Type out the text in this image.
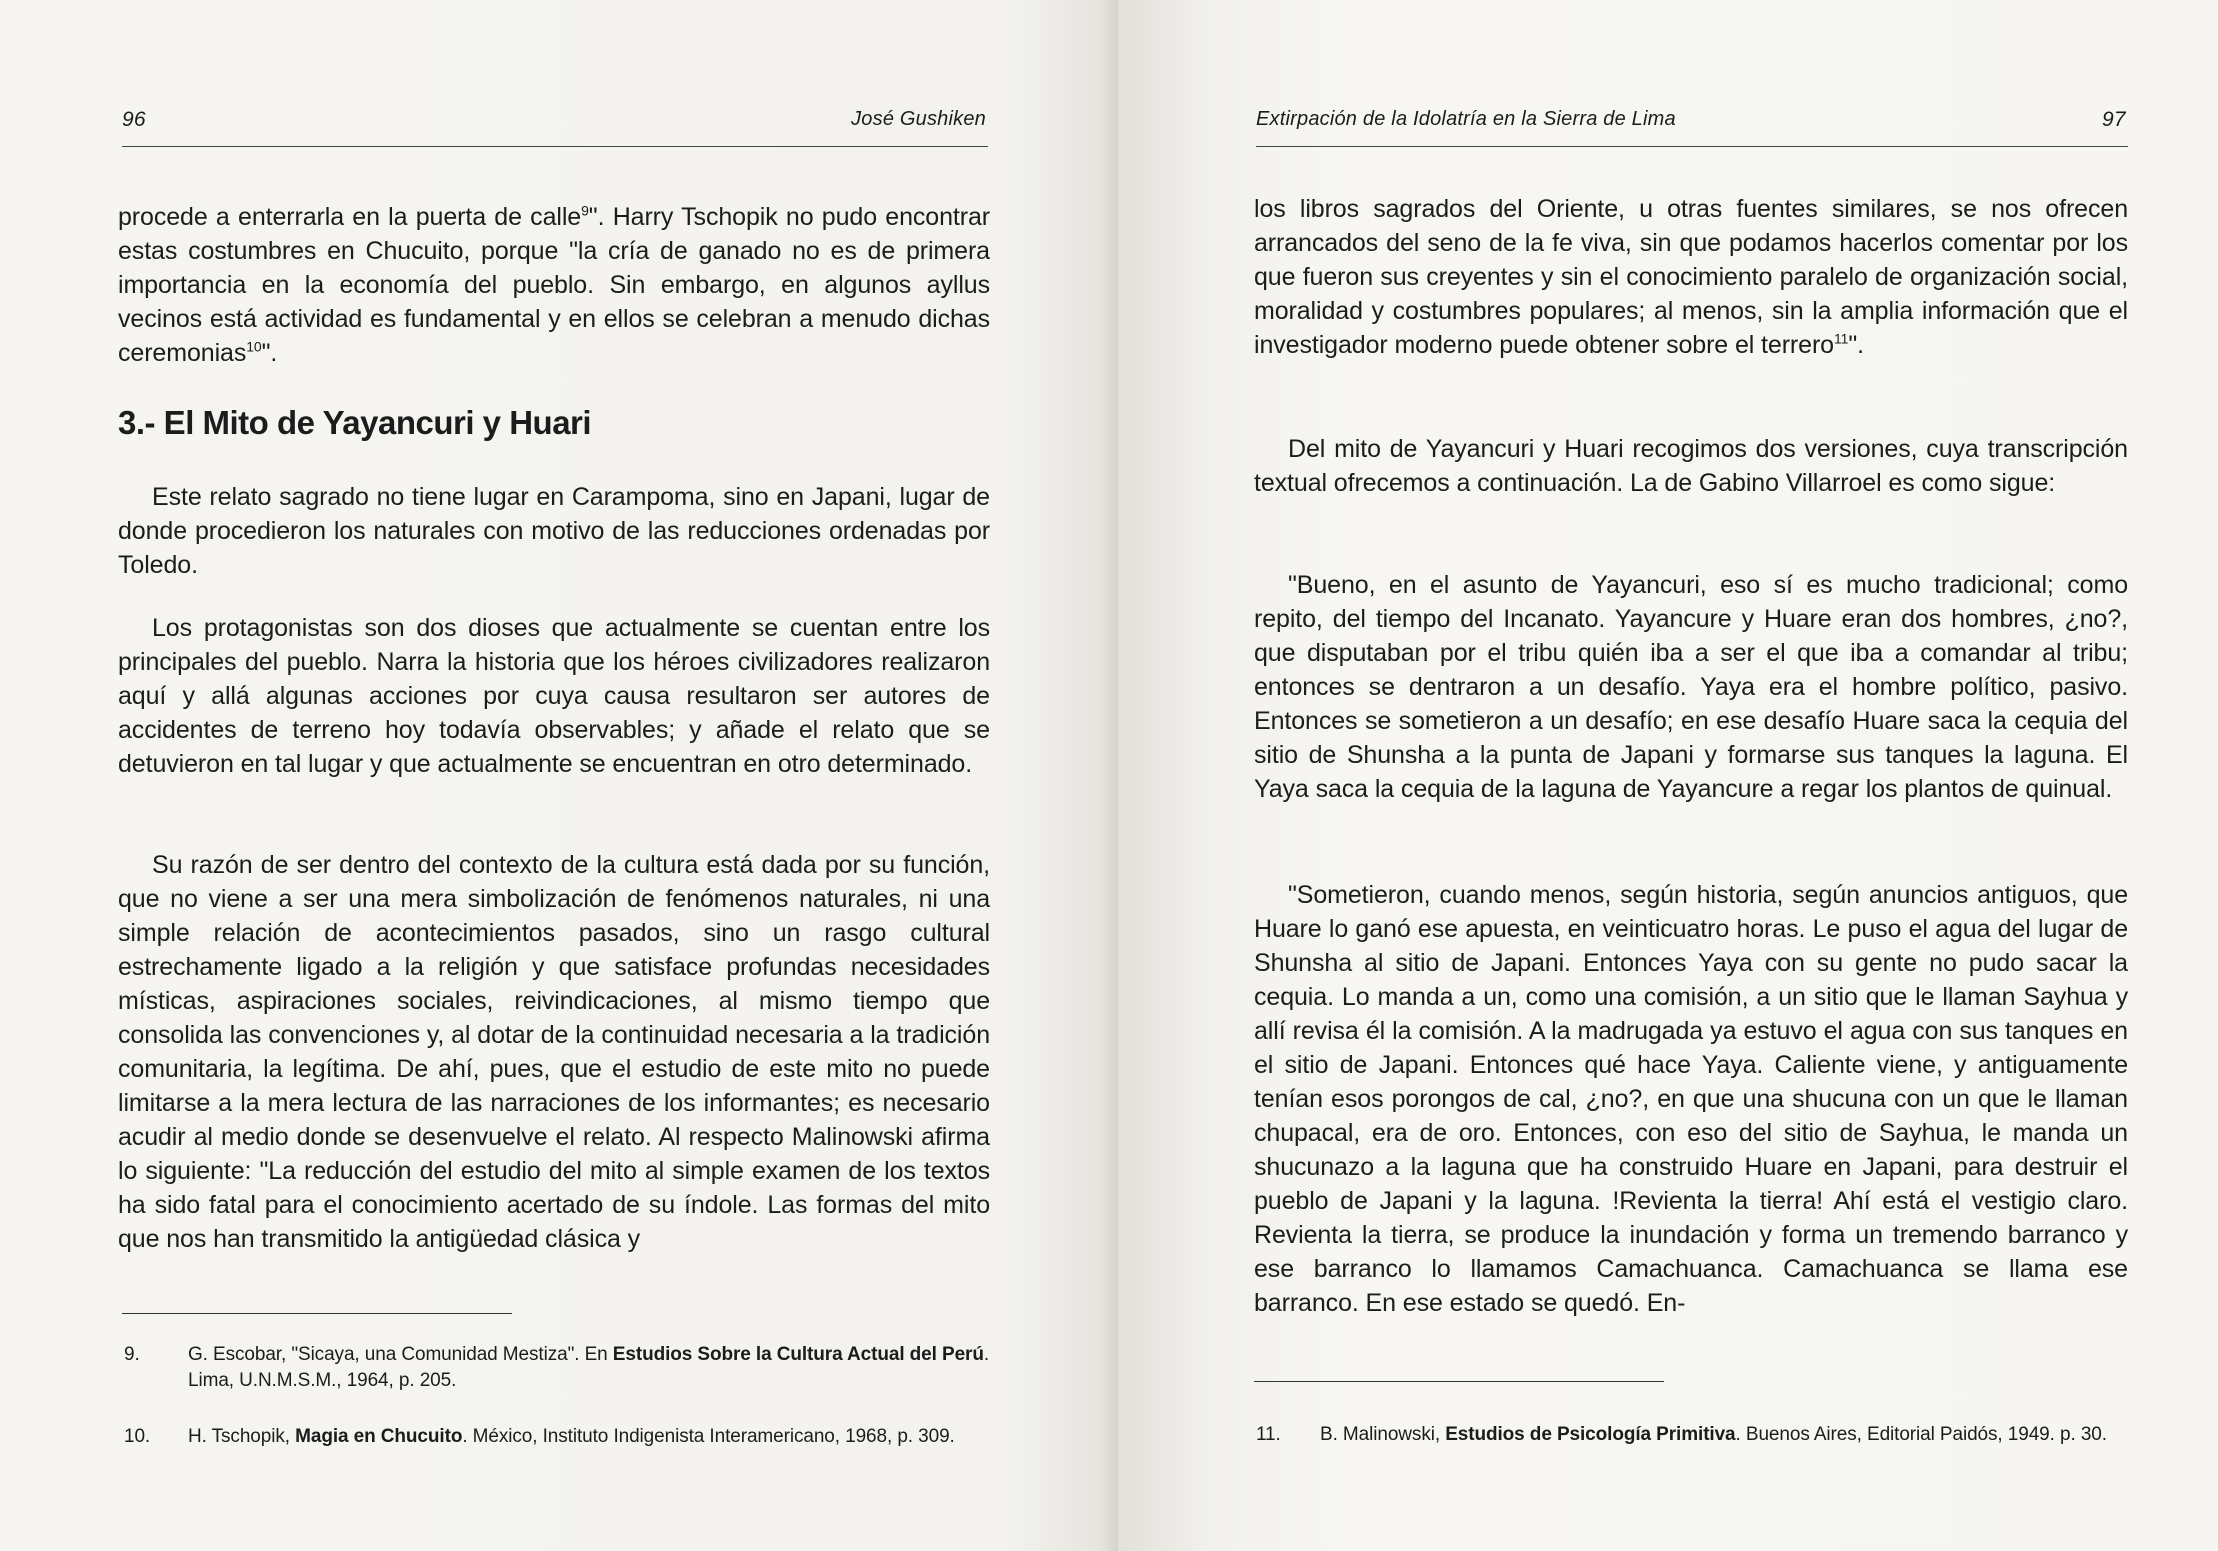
96	José Gushiken

procede a enterrarla en la puerta de calle$^9$". Harry Tschopik no pudo encontrar estas costumbres en Chucuito, porque "la cría de ganado no es de primera importancia en la economía del pueblo. Sin embargo, en algunos ayllus vecinos está actividad es fundamental y en ellos se celebran a menudo dichas ceremonias$^{10}$".

3.- El Mito de Yayancuri y Huari

Este relato sagrado no tiene lugar en Carampoma, sino en Japani, lugar de donde procedieron los naturales con motivo de las reducciones ordenadas por Toledo.

Los protagonistas son dos dioses que actualmente se cuentan entre los principales del pueblo. Narra la historia que los héroes civilizadores realizaron aquí y allá algunas acciones por cuya causa resultaron ser autores de accidentes de terreno hoy todavía observables; y añade el relato que se detuvieron en tal lugar y que actualmente se encuentran en otro determinado.

Su razón de ser dentro del contexto de la cultura está dada por su función, que no viene a ser una mera simbolización de fenómenos naturales, ni una simple relación de acontecimientos pasados, sino un rasgo cultural estrechamente ligado a la religión y que satisface profundas necesidades místicas, aspiraciones sociales, reivindicaciones, al mismo tiempo que consolida las convenciones y, al dotar de la continuidad necesaria a la tradición comunitaria, la legítima. De ahí, pues, que el estudio de este mito no puede limitarse a la mera lectura de las narraciones de los informantes; es necesario acudir al medio donde se desenvuelve el relato. Al respecto Malinowski afirma lo siguiente: "La reducción del estudio del mito al simple examen de los textos ha sido fatal para el conocimiento acertado de su índole. Las formas del mito que nos han transmitido la antigüedad clásica y

9.	G. Escobar, "Sicaya, una Comunidad Mestiza". En Estudios Sobre la Cultura Actual del Perú. Lima, U.N.M.S.M., 1964, p. 205.
10. H. Tschopik, Magia en Chucuito. México, Instituto Indigenista Interamericano, 1968, p. 309.
Extirpación de la Idolatría en la Sierra de Lima	97

los libros sagrados del Oriente, u otras fuentes similares, se nos ofrecen arrancados del seno de la fe viva, sin que podamos hacerlos comentar por los que fueron sus creyentes y sin el conocimiento paralelo de organización social, moralidad y costumbres populares; al menos, sin la amplia información que el investigador moderno puede obtener sobre el terrero$^{11}$".

Del mito de Yayancuri y Huari recogimos dos versiones, cuya transcripción textual ofrecemos a continuación. La de Gabino Villarroel es como sigue:

"Bueno, en el asunto de Yayancuri, eso sí es mucho tradicional; como repito, del tiempo del Incanato. Yayancure y Huare eran dos hombres, ¿no?, que disputaban por el tribu quién iba a ser el que iba a comandar al tribu; entonces se dentraron a un desafío. Yaya era el hombre político, pasivo. Entonces se sometieron a un desafío; en ese desafío Huare saca la cequia del sitio de Shunsha a la punta de Japani y formarse sus tanques la laguna. El Yaya saca la cequia de la laguna de Yayancure a regar los plantos de quinual.

"Sometieron, cuando menos, según historia, según anuncios antiguos, que Huare lo ganó ese apuesta, en veinticuatro horas. Le puso el agua del lugar de Shunsha al sitio de Japani. Entonces Yaya con su gente no pudo sacar la cequia. Lo manda a un, como una comisión, a un sitio que le llaman Sayhua y allí revisa él la comisión. A la madrugada ya estuvo el agua con sus tanques en el sitio de Japani. Entonces qué hace Yaya. Caliente viene, y antiguamente tenían esos porongos de cal, ¿no?, en que una shucuna con un que le llaman chupacal, era de oro. Entonces, con eso del sitio de Sayhua, le manda un shucunazo a la laguna que ha construido Huare en Japani, para destruir el pueblo de Japani y la laguna. !Revienta la tierra! Ahí está el vestigio claro. Revienta la tierra, se produce la inundación y forma un tremendo barranco y ese barranco lo llamamos Camachuanca. Camachuanca se llama ese barranco. En ese estado se quedó. En-

11. B. Malinowski, Estudios de Psicología Primitiva. Buenos Aires, Editorial Paidós, 1949. p. 30.
